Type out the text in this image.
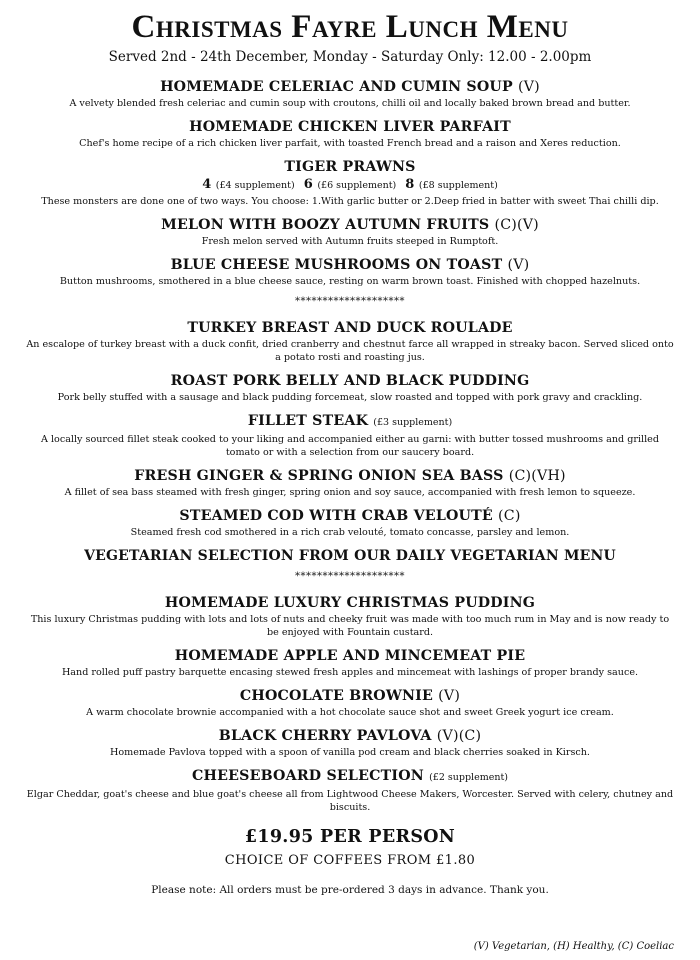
Christmas Fayre Lunch Menu
Served 2nd - 24th December, Monday - Saturday Only: 12.00 - 2.00pm
HOMEMADE CELERIAC AND CUMIN SOUP (V)
A velvety blended fresh celeriac and cumin soup with croutons, chilli oil and locally baked brown bread and butter.
HOMEMADE CHICKEN LIVER PARFAIT
Chef's home recipe of a rich chicken liver parfait, with toasted French bread and a raison and Xeres reduction.
TIGER PRAWNS
4 (£4 supplement) 6 (£6 supplement) 8 (£8 supplement)
These monsters are done one of two ways. You choose: 1.With garlic butter or 2.Deep fried in batter with sweet Thai chilli dip.
MELON WITH BOOZY AUTUMN FRUITS (C)(V)
Fresh melon served with Autumn fruits steeped in Rumptoft.
BLUE CHEESE MUSHROOMS ON TOAST (V)
Button mushrooms, smothered in a blue cheese sauce, resting on warm brown toast. Finished with chopped hazelnuts.
********************
TURKEY BREAST AND DUCK ROULADE
An escalope of turkey breast with a duck confit, dried cranberry and chestnut farce all wrapped in streaky bacon. Served sliced onto a potato rosti and roasting jus.
ROAST PORK BELLY AND BLACK PUDDING
Pork belly stuffed with a sausage and black pudding forcemeat, slow roasted and topped with pork gravy and crackling.
FILLET STEAK (£3 supplement)
A locally sourced fillet steak cooked to your liking and accompanied either au garni: with butter tossed mushrooms and grilled tomato or with a selection from our saucery board.
FRESH GINGER & SPRING ONION SEA BASS (C)(VH)
A fillet of sea bass steamed with fresh ginger, spring onion and soy sauce, accompanied with fresh lemon to squeeze.
STEAMED COD WITH CRAB VELOUTÉ (C)
Steamed fresh cod smothered in a rich crab velouté, tomato concasse, parsley and lemon.
VEGETARIAN SELECTION FROM OUR DAILY VEGETARIAN MENU
********************
HOMEMADE LUXURY CHRISTMAS PUDDING
This luxury Christmas pudding with lots and lots of nuts and cheeky fruit was made with too much rum in May and is now ready to be enjoyed with Fountain custard.
HOMEMADE APPLE AND MINCEMEAT PIE
Hand rolled puff pastry barquette encasing stewed fresh apples and mincemeat with lashings of proper brandy sauce.
CHOCOLATE BROWNIE (V)
A warm chocolate brownie accompanied with a hot chocolate sauce shot and sweet Greek yogurt ice cream.
BLACK CHERRY PAVLOVA (V)(C)
Homemade Pavlova topped with a spoon of vanilla pod cream and black cherries soaked in Kirsch.
CHEESEBOARD SELECTION (£2 supplement)
Elgar Cheddar, goat's cheese and blue goat's cheese all from Lightwood Cheese Makers, Worcester. Served with celery, chutney and biscuits.
£19.95 PER PERSON
CHOICE OF COFFEES FROM £1.80
Please note: All orders must be pre-ordered 3 days in advance. Thank you.
(V) Vegetarian, (H) Healthy, (C) Coeliac
